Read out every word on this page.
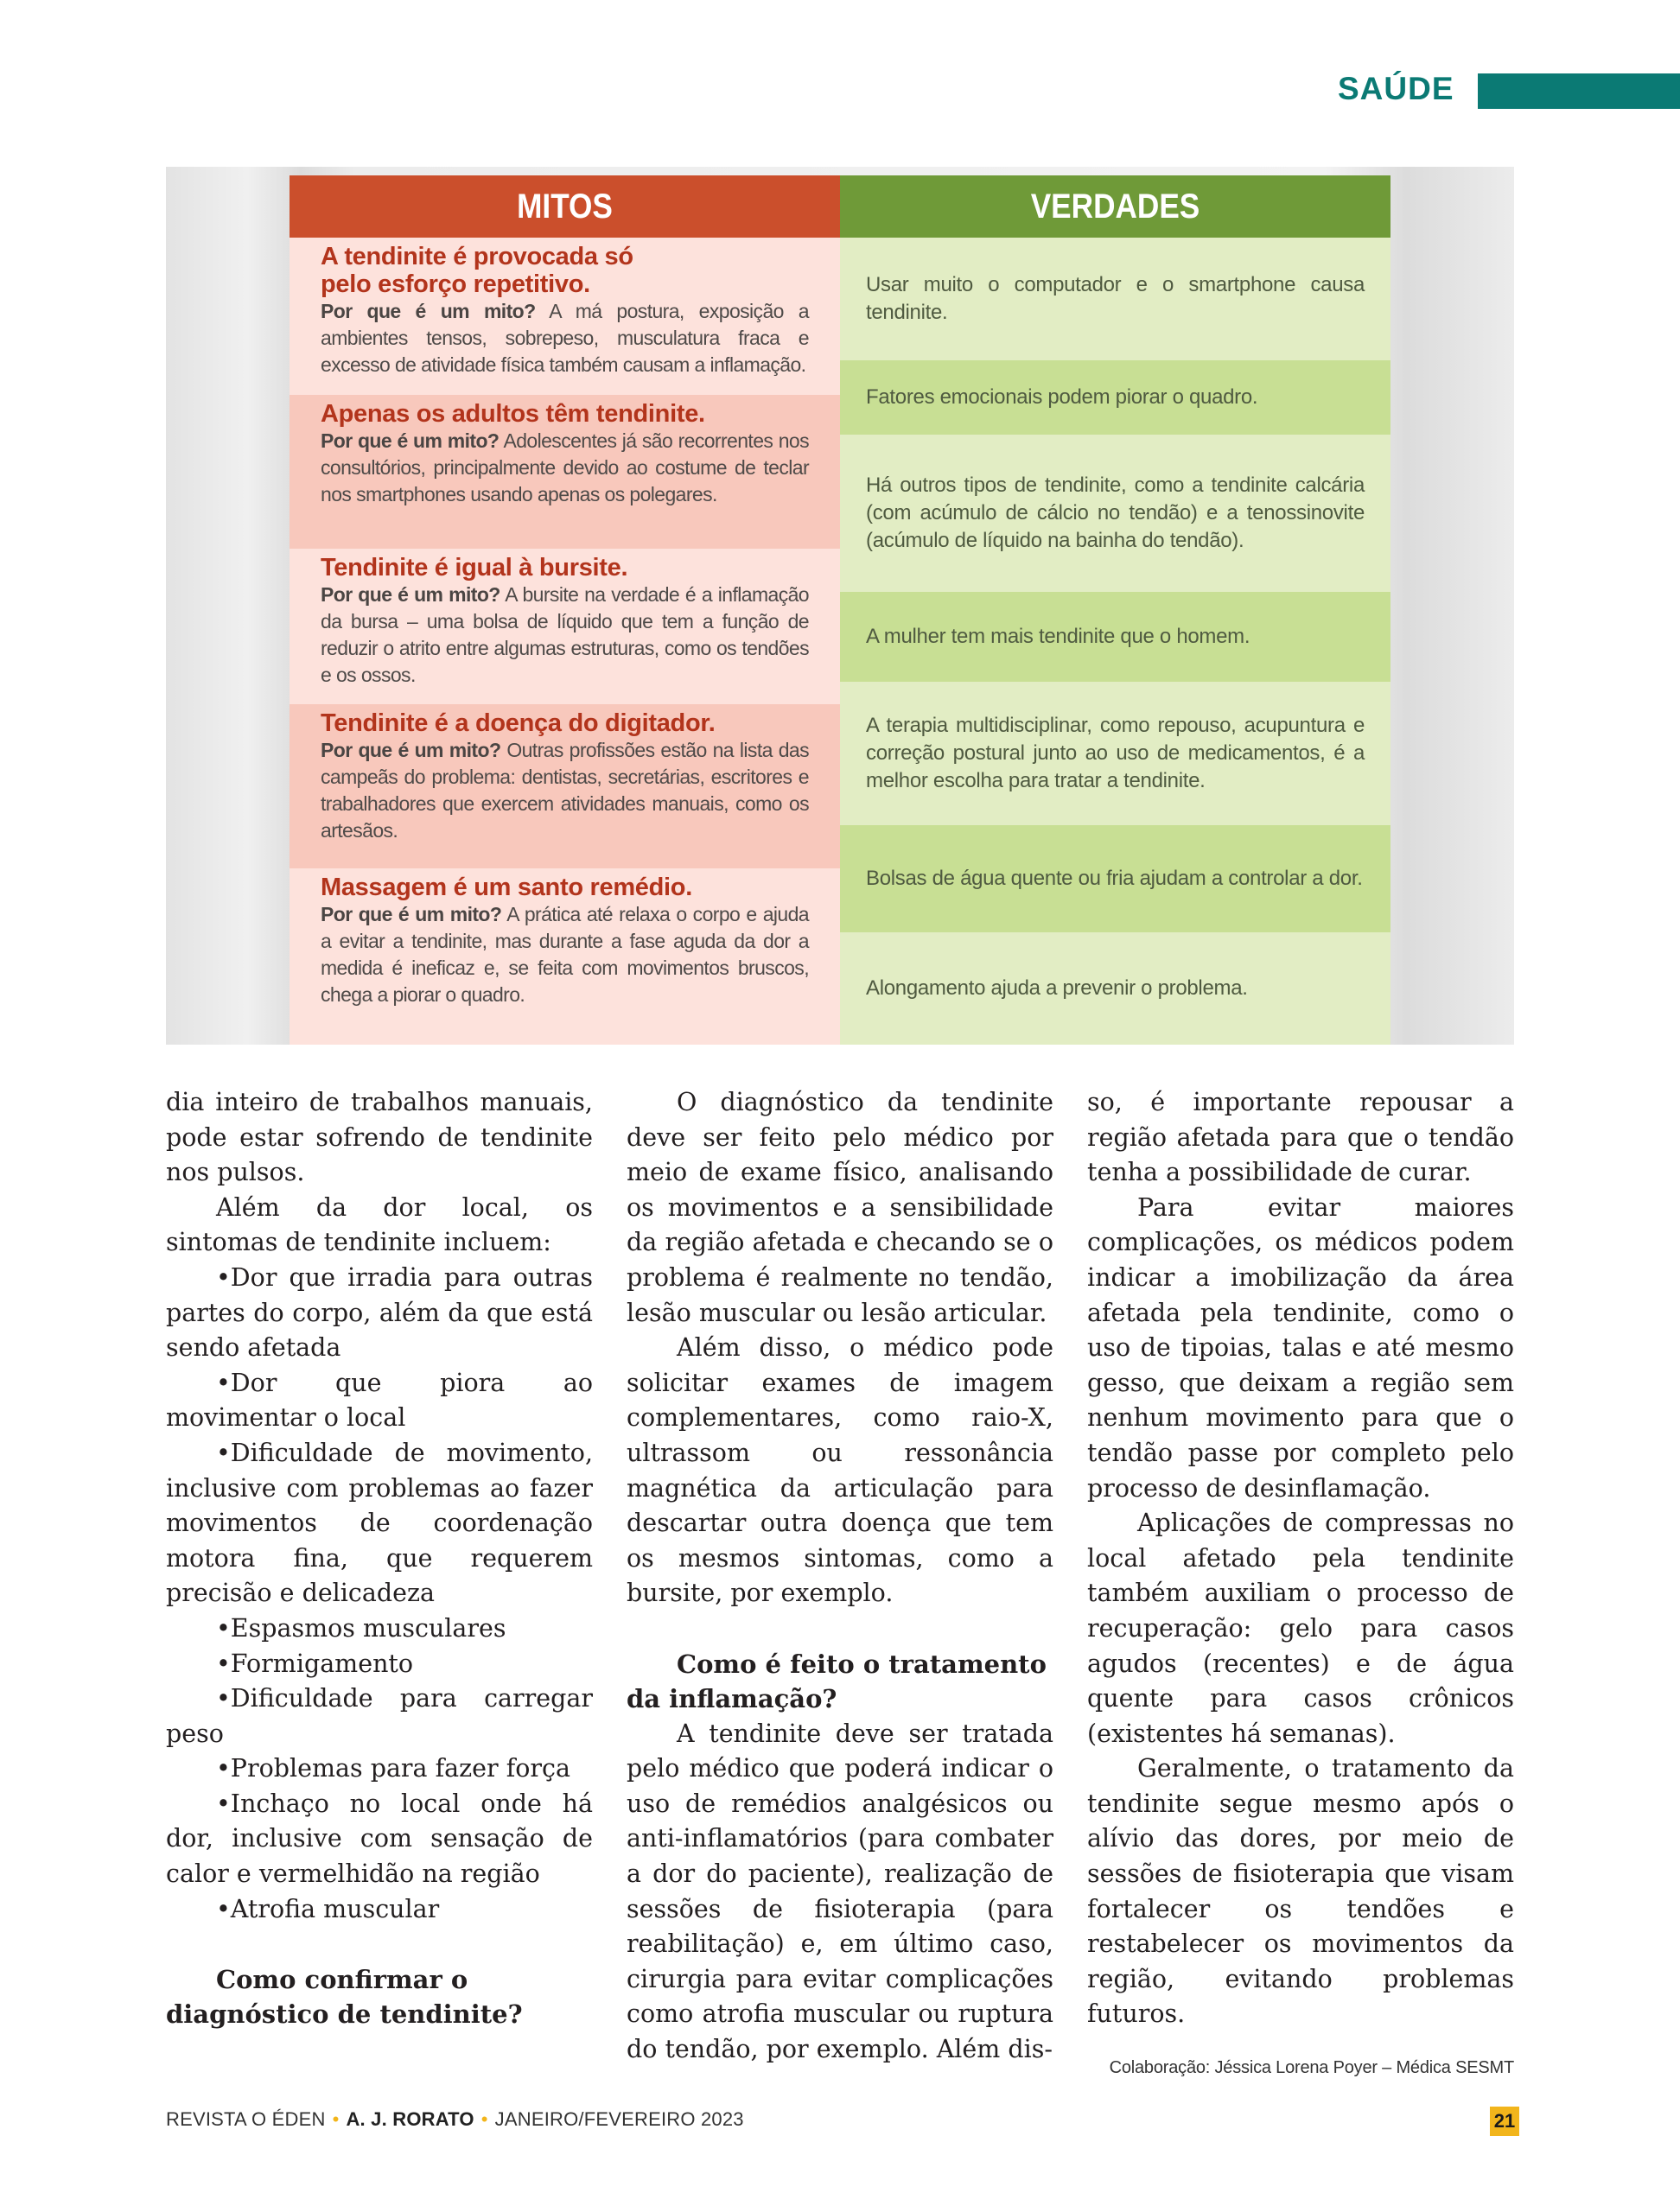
SAÚDE
MITOS
A tendinite é provocada só pelo esforço repetitivo.
Por que é um mito? A má postura, exposição a ambientes tensos, sobrepeso, musculatura fraca e excesso de atividade física também causam a inflamação.
Apenas os adultos têm tendinite.
Por que é um mito? Adolescentes já são recorrentes nos consultórios, principalmente devido ao costume de teclar nos smartphones usando apenas os polegares.
Tendinite é igual à bursite.
Por que é um mito? A bursite na verdade é a inflamação da bursa – uma bolsa de líquido que tem a função de reduzir o atrito entre algumas estruturas, como os tendões e os ossos.
Tendinite é a doença do digitador.
Por que é um mito? Outras profissões estão na lista das campeãs do problema: dentistas, secretárias, escritores e trabalhadores que exercem atividades manuais, como os artesãos.
Massagem é um santo remédio.
Por que é um mito? A prática até relaxa o corpo e ajuda a evitar a tendinite, mas durante a fase aguda da dor a medida é ineficaz e, se feita com movimentos bruscos, chega a piorar o quadro.
VERDADES
Usar muito o computador e o smartphone causa tendinite.
Fatores emocionais podem piorar o quadro.
Há outros tipos de tendinite, como a tendinite calcária (com acúmulo de cálcio no tendão) e a tenossinovite (acúmulo de líquido na bainha do tendão).
A mulher tem mais tendinite que o homem.
A terapia multidisciplinar, como repouso, acupuntura e correção postural junto ao uso de medicamentos, é a melhor escolha para tratar a tendinite.
Bolsas de água quente ou fria ajudam a controlar a dor.
Alongamento ajuda a prevenir o problema.

dia inteiro de trabalhos manuais, pode estar sofrendo de tendinite nos pulsos.

Além da dor local, os sintomas de tendinite incluem:

•Dor que irradia para outras partes do corpo, além da que está sendo afetada

•Dor que piora ao movimentar o local

•Dificuldade de movimento, inclusive com problemas ao fazer movimentos de coordenação motora fina, que requerem precisão e delicadeza

•Espasmos musculares

•Formigamento

•Dificuldade para carregar peso

•Problemas para fazer força

•Inchaço no local onde há dor, inclusive com sensação de calor e vermelhidão na região

•Atrofia muscular

Como confirmar o diagnóstico de tendinite?

O diagnóstico da tendinite deve ser feito pelo médico por meio de exame físico, analisando os movimentos e a sensibilidade da região afetada e checando se o problema é realmente no tendão, lesão muscular ou lesão articular.

Além disso, o médico pode solicitar exames de imagem complementares, como raio-X, ultrassom ou ressonância magnética da articulação para descartar outra doença que tem os mesmos sintomas, como a bursite, por exemplo.

Como é feito o tratamento da inflamação?

A tendinite deve ser tratada pelo médico que poderá indicar o uso de remédios analgésicos ou anti-inflamatórios (para combater a dor do paciente), realização de sessões de fisioterapia (para reabilitação) e, em último caso, cirurgia para evitar complicações como atrofia muscular ou ruptura do tendão, por exemplo. Além dis-

so, é importante repousar a região afetada para que o tendão tenha a possibilidade de curar.

Para evitar maiores complicações, os médicos podem indicar a imobilização da área afetada pela tendinite, como o uso de tipoias, talas e até mesmo gesso, que deixam a região sem nenhum movimento para que o tendão passe por completo pelo processo de desinflamação.

Aplicações de compressas no local afetado pela tendinite também auxiliam o processo de recuperação: gelo para casos agudos (recentes) e de água quente para casos crônicos (existentes há semanas).

Geralmente, o tratamento da tendinite segue mesmo após o alívio das dores, por meio de sessões de fisioterapia que visam fortalecer os tendões e restabelecer os movimentos da região, evitando problemas futuros.

Colaboração: Jéssica Lorena Poyer – Médica SESMT
REVISTA O ÉDEN • A. J. RORATO • JANEIRO/FEVEREIRO 2023	21
